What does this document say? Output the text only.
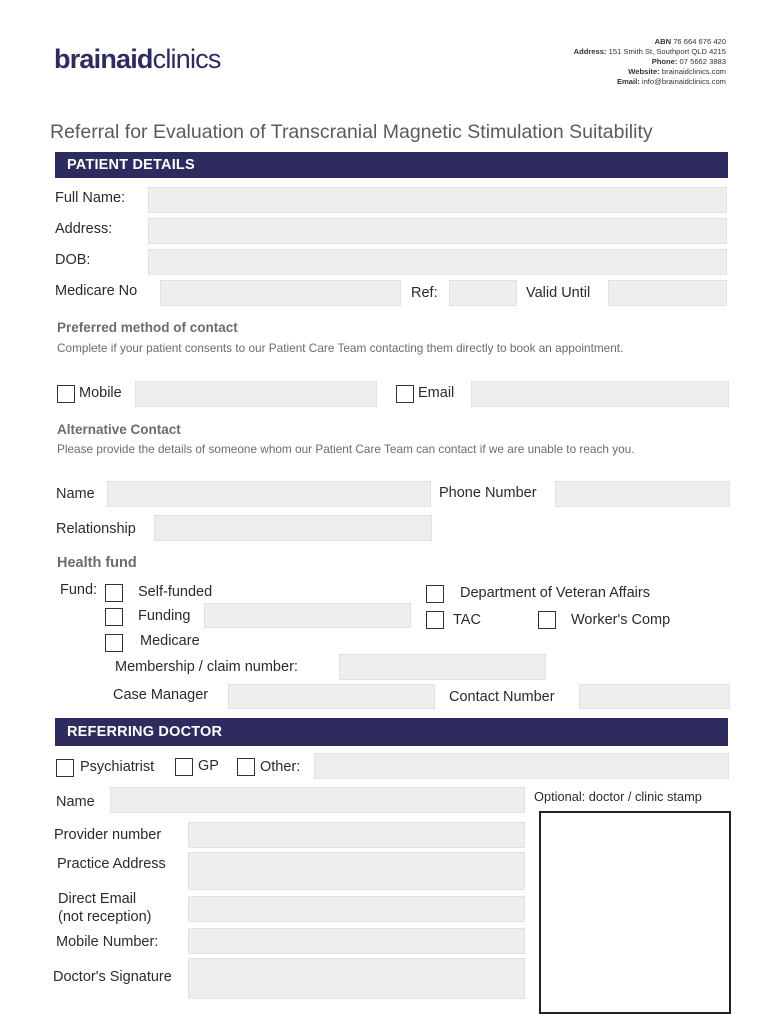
brainaidclinics
ABN 76 664 676 420
Address: 151 Smith St, Southport QLD 4215
Phone: 07 5662 3883
Website: brainaidclinics.com
Email: info@brainaidclinics.com
Referral for Evaluation of Transcranial Magnetic Stimulation Suitability
PATIENT DETAILS
Full Name:
Address:
DOB:
Medicare No	Ref:	Valid Until
Preferred method of contact
Complete if your patient consents to our Patient Care Team contacting them directly to book an appointment.
Mobile	Email
Alternative Contact
Please provide the details of someone whom our Patient Care Team can contact if we are unable to reach you.
Name	Phone Number
Relationship
Health fund
Fund:	Self-funded
Funding
Medicare
Department of Veteran Affairs
TAC	Worker's Comp
Membership / claim number:
Case Manager	Contact Number
REFERRING DOCTOR
Psychiatrist	GP	Other:
Name	Optional: doctor / clinic stamp
Provider number
Practice Address
Direct Email
(not reception)
Mobile Number:
Doctor's Signature
